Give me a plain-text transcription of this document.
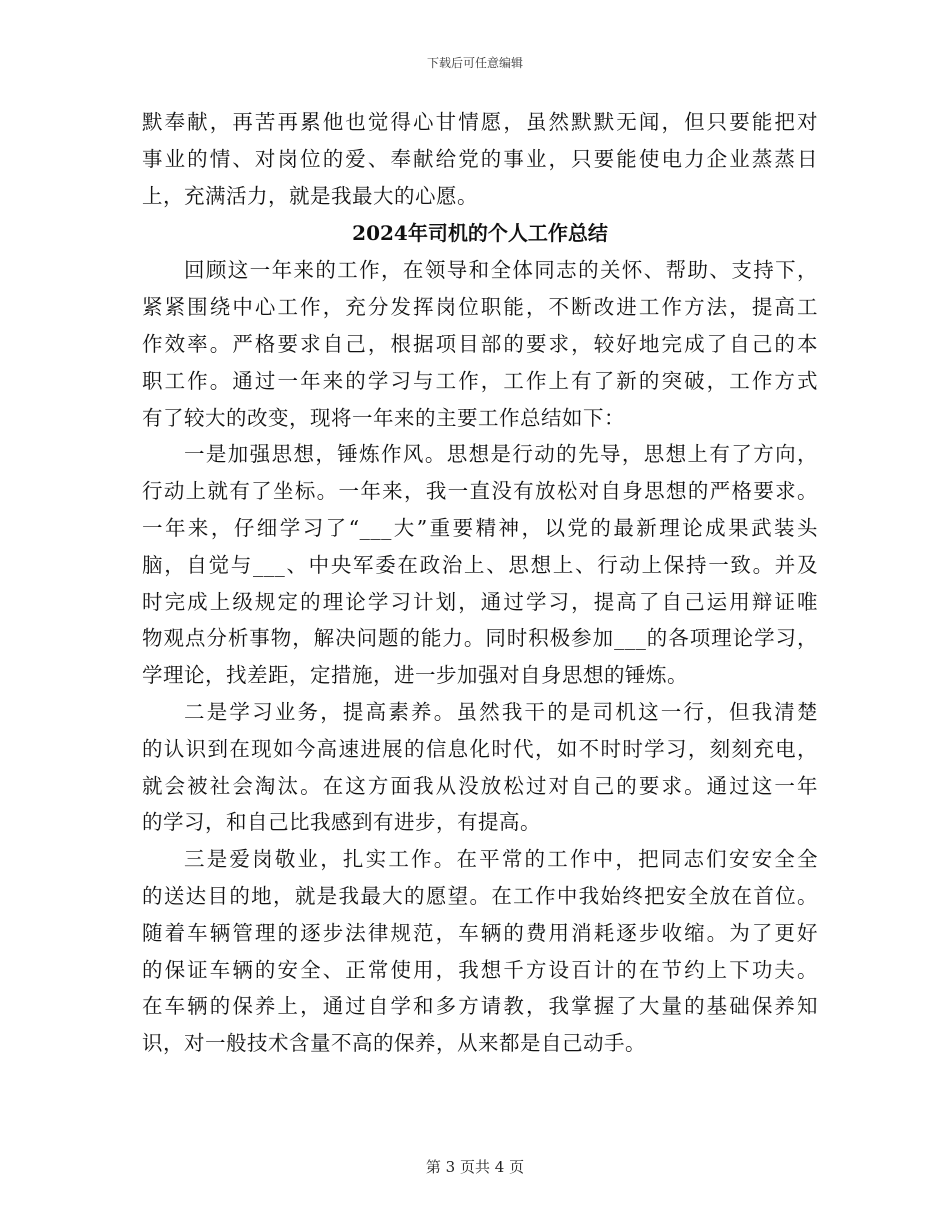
下载后可任意编辑
默奉献，再苦再累他也觉得心甘情愿，虽然默默无闻，但只要能把对
事业的情、对岗位的爱、奉献给党的事业，只要能使电力企业蒸蒸日
上，充满活力，就是我最大的心愿。
2024年司机的个人工作总结
回顾这一年来的工作，在领导和全体同志的关怀、帮助、支持下，
紧紧围绕中心工作，充分发挥岗位职能，不断改进工作方法，提高工
作效率。严格要求自己，根据项目部的要求，较好地完成了自己的本
职工作。通过一年来的学习与工作，工作上有了新的突破，工作方式
有了较大的改变，现将一年来的主要工作总结如下：
一是加强思想，锤炼作风。思想是行动的先导，思想上有了方向，
行动上就有了坐标。一年来，我一直没有放松对自身思想的严格要求。
一年来，仔细学习了“___大”重要精神，以党的最新理论成果武装头
脑，自觉与___、中央军委在政治上、思想上、行动上保持一致。并及
时完成上级规定的理论学习计划，通过学习，提高了自己运用辩证唯
物观点分析事物，解决问题的能力。同时积极参加___的各项理论学习，
学理论，找差距，定措施，进一步加强对自身思想的锤炼。
二是学习业务，提高素养。虽然我干的是司机这一行，但我清楚
的认识到在现如今高速进展的信息化时代，如不时时学习，刻刻充电，
就会被社会淘汰。在这方面我从没放松过对自己的要求。通过这一年
的学习，和自己比我感到有进步，有提高。
三是爱岗敬业，扎实工作。在平常的工作中，把同志们安安全全
的送达目的地，就是我最大的愿望。在工作中我始终把安全放在首位。
随着车辆管理的逐步法律规范，车辆的费用消耗逐步收缩。为了更好
的保证车辆的安全、正常使用，我想千方设百计的在节约上下功夫。
在车辆的保养上，通过自学和多方请教，我掌握了大量的基础保养知
识，对一般技术含量不高的保养，从来都是自己动手。
第 3 页共 4 页
